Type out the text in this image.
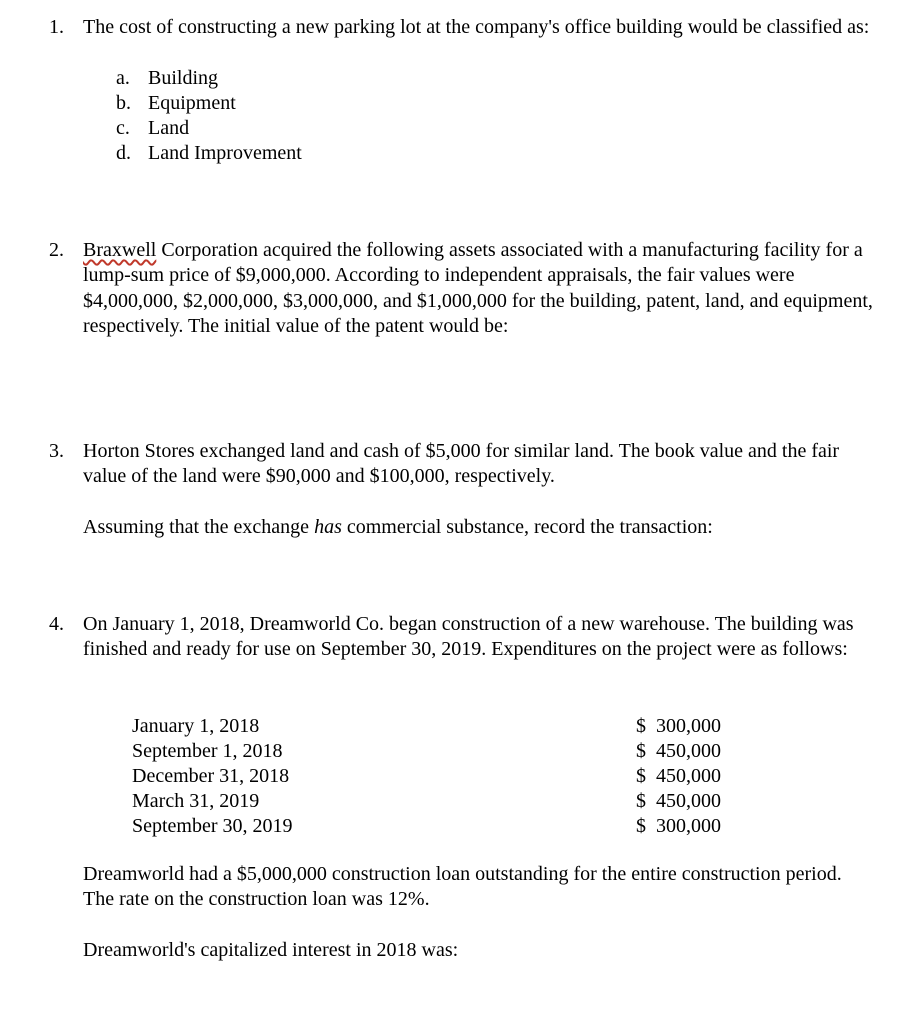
1. The cost of constructing a new parking lot at the company's office building would be classified as:
a. Building
b. Equipment
c. Land
d. Land Improvement
2. Braxwell Corporation acquired the following assets associated with a manufacturing facility for a lump-sum price of $9,000,000. According to independent appraisals, the fair values were $4,000,000, $2,000,000, $3,000,000, and $1,000,000 for the building, patent, land, and equipment, respectively. The initial value of the patent would be:
3. Horton Stores exchanged land and cash of $5,000 for similar land. The book value and the fair value of the land were $90,000 and $100,000, respectively.
Assuming that the exchange has commercial substance, record the transaction:
4. On January 1, 2018, Dreamworld Co. began construction of a new warehouse. The building was finished and ready for use on September 30, 2019. Expenditures on the project were as follows:
January 1, 2018	$  300,000
September 1, 2018	$  450,000
December 31, 2018	$  450,000
March 31, 2019	$  450,000
September 30, 2019	$  300,000
Dreamworld had a $5,000,000 construction loan outstanding for the entire construction period. The rate on the construction loan was 12%.
Dreamworld's capitalized interest in 2018 was:
